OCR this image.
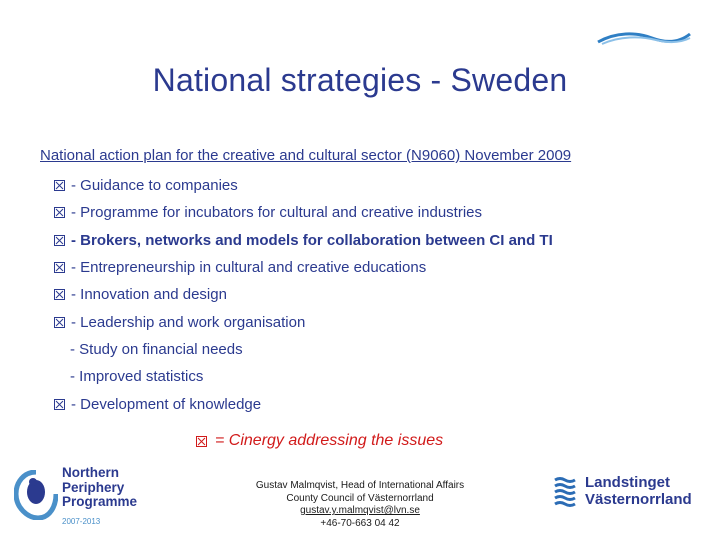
National strategies - Sweden
National action plan for the creative and cultural sector (N9060) November 2009
- Guidance to companies
- Programme for incubators for cultural and creative industries
- Brokers, networks and models for collaboration between CI and TI
- Entrepreneurship in cultural and creative educations
- Innovation and design
- Leadership and work organisation
- Study on financial needs
- Improved statistics
- Development of knowledge
= Cinergy addressing the issues
Northern
Periphery
Programme
2007-2013
Gustav Malmqvist, Head of International Affairs
County Council of Västernorrland
gustav.y.malmqvist@lvn.se
+46-70-663 04 42
Landstinget
Västernorrland
